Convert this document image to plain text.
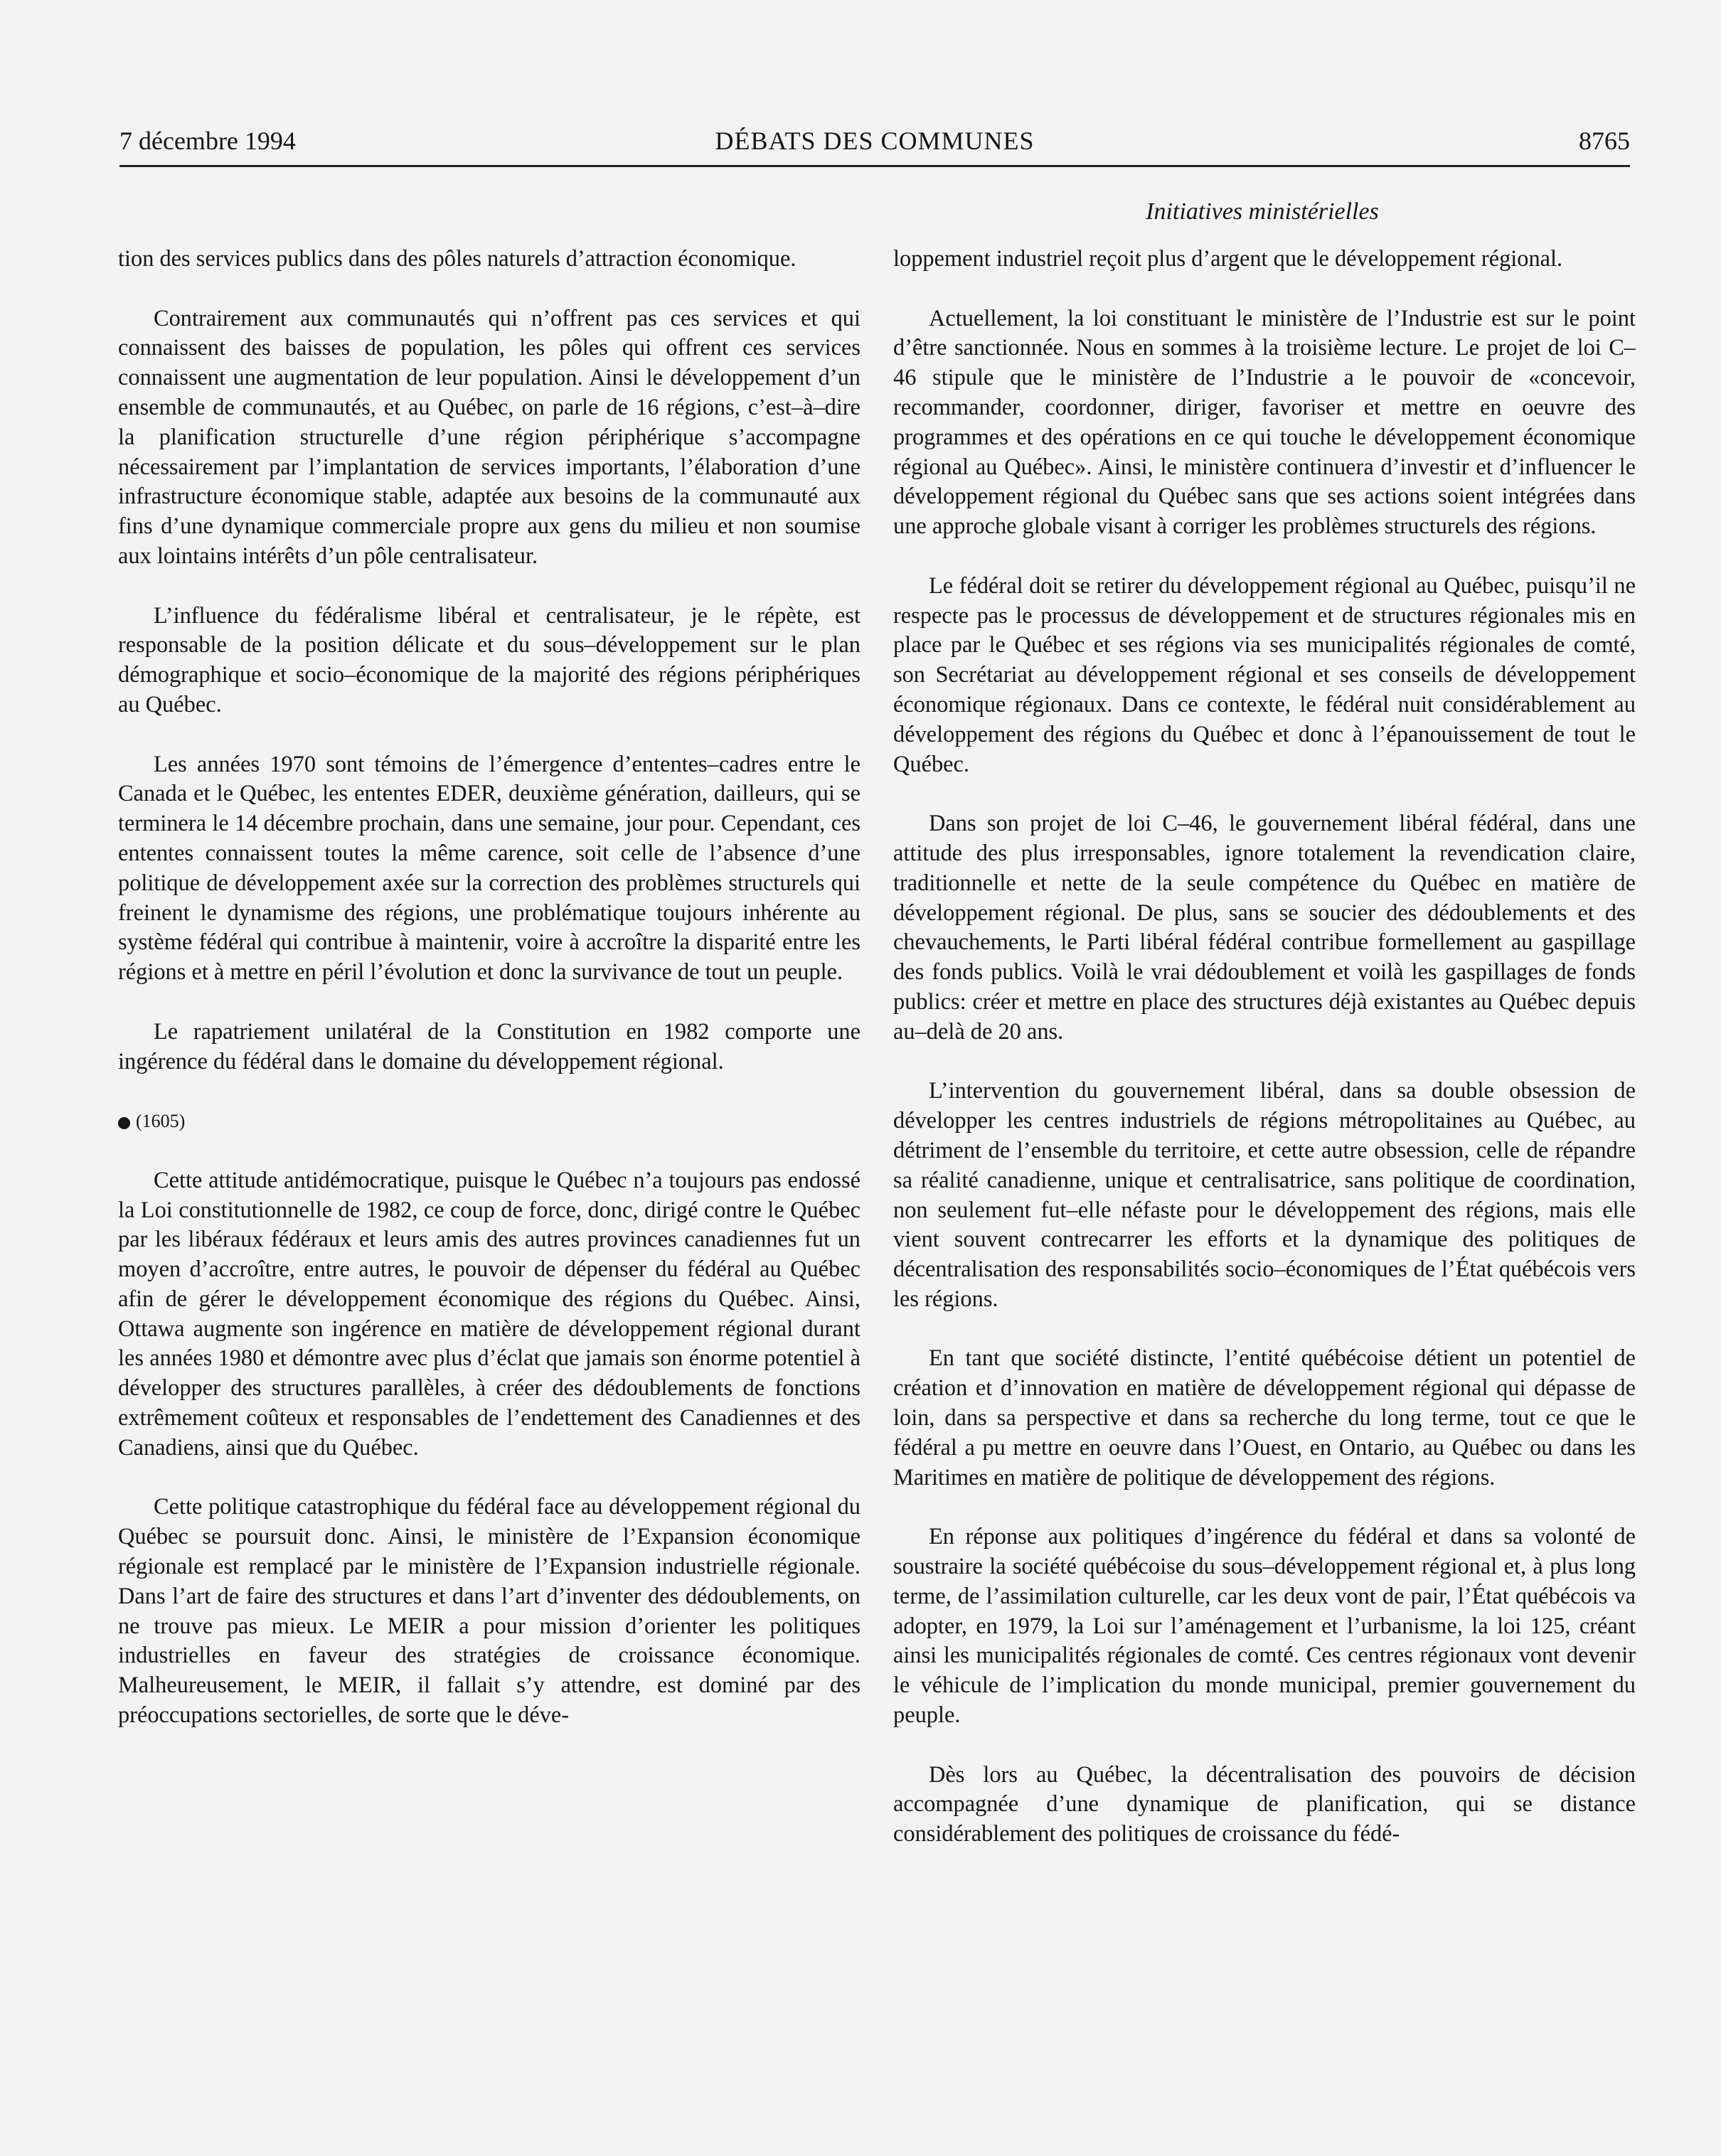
7 décembre 1994	DÉBATS DES COMMUNES	8765
Initiatives ministérielles

tion des services publics dans des pôles naturels d’attraction économique.

Contrairement aux communautés qui n’offrent pas ces services et qui connaissent des baisses de population, les pôles qui offrent ces services connaissent une augmentation de leur population. Ainsi le développement d’un ensemble de communautés, et au Québec, on parle de 16 régions, c’est–à–dire la planification structurelle d’une région périphérique s’accompagne nécessairement par l’implantation de services importants, l’élaboration d’une infrastructure économique stable, adaptée aux besoins de la communauté aux fins d’une dynamique commerciale propre aux gens du milieu et non soumise aux lointains intérêts d’un pôle centralisateur.

L’influence du fédéralisme libéral et centralisateur, je le répète, est responsable de la position délicate et du sous–développement sur le plan démographique et socio–économique de la majorité des régions périphériques au Québec.

Les années 1970 sont témoins de l’émergence d’ententes–cadres entre le Canada et le Québec, les ententes EDER, deuxième génération, dailleurs, qui se terminera le 14 décembre prochain, dans une semaine, jour pour. Cependant, ces ententes connaissent toutes la même carence, soit celle de l’absence d’une politique de développement axée sur la correction des problèmes structurels qui freinent le dynamisme des régions, une problématique toujours inhérente au système fédéral qui contribue à maintenir, voire à accroître la disparité entre les régions et à mettre en péril l’évolution et donc la survivance de tout un peuple.

Le rapatriement unilatéral de la Constitution en 1982 comporte une ingérence du fédéral dans le domaine du développement régional.

(1605)

Cette attitude antidémocratique, puisque le Québec n’a toujours pas endossé la Loi constitutionnelle de 1982, ce coup de force, donc, dirigé contre le Québec par les libéraux fédéraux et leurs amis des autres provinces canadiennes fut un moyen d’accroître, entre autres, le pouvoir de dépenser du fédéral au Québec afin de gérer le développement économique des régions du Québec. Ainsi, Ottawa augmente son ingérence en matière de développement régional durant les années 1980 et démontre avec plus d’éclat que jamais son énorme potentiel à développer des structures parallèles, à créer des dédoublements de fonctions extrêmement coûteux et responsables de l’endettement des Canadiennes et des Canadiens, ainsi que du Québec.

Cette politique catastrophique du fédéral face au développement régional du Québec se poursuit donc. Ainsi, le ministère de l’Expansion économique régionale est remplacé par le ministère de l’Expansion industrielle régionale. Dans l’art de faire des structures et dans l’art d’inventer des dédoublements, on ne trouve pas mieux. Le MEIR a pour mission d’orienter les politiques industrielles en faveur des stratégies de croissance économique. Malheureusement, le MEIR, il fallait s’y attendre, est dominé par des préoccupations sectorielles, de sorte que le déve-

loppement industriel reçoit plus d’argent que le développement régional.

Actuellement, la loi constituant le ministère de l’Industrie est sur le point d’être sanctionnée. Nous en sommes à la troisième lecture. Le projet de loi C–46 stipule que le ministère de l’Industrie a le pouvoir de «concevoir, recommander, coordonner, diriger, favoriser et mettre en oeuvre des programmes et des opérations en ce qui touche le développement économique régional au Québec». Ainsi, le ministère continuera d’investir et d’influencer le développement régional du Québec sans que ses actions soient intégrées dans une approche globale visant à corriger les problèmes structurels des régions.

Le fédéral doit se retirer du développement régional au Québec, puisqu’il ne respecte pas le processus de développement et de structures régionales mis en place par le Québec et ses régions via ses municipalités régionales de comté, son Secrétariat au développement régional et ses conseils de développement économique régionaux. Dans ce contexte, le fédéral nuit considérablement au développement des régions du Québec et donc à l’épanouissement de tout le Québec.

Dans son projet de loi C–46, le gouvernement libéral fédéral, dans une attitude des plus irresponsables, ignore totalement la revendication claire, traditionnelle et nette de la seule compétence du Québec en matière de développement régional. De plus, sans se soucier des dédoublements et des chevauchements, le Parti libéral fédéral contribue formellement au gaspillage des fonds publics. Voilà le vrai dédoublement et voilà les gaspillages de fonds publics: créer et mettre en place des structures déjà existantes au Québec depuis au–delà de 20 ans.

L’intervention du gouvernement libéral, dans sa double obsession de développer les centres industriels de régions métropolitaines au Québec, au détriment de l’ensemble du territoire, et cette autre obsession, celle de répandre sa réalité canadienne, unique et centralisatrice, sans politique de coordination, non seulement fut–elle néfaste pour le développement des régions, mais elle vient souvent contrecarrer les efforts et la dynamique des politiques de décentralisation des responsabilités socio–économiques de l’État québécois vers les régions.

En tant que société distincte, l’entité québécoise détient un potentiel de création et d’innovation en matière de développement régional qui dépasse de loin, dans sa perspective et dans sa recherche du long terme, tout ce que le fédéral a pu mettre en oeuvre dans l’Ouest, en Ontario, au Québec ou dans les Maritimes en matière de politique de développement des régions.

En réponse aux politiques d’ingérence du fédéral et dans sa volonté de soustraire la société québécoise du sous–développement régional et, à plus long terme, de l’assimilation culturelle, car les deux vont de pair, l’État québécois va adopter, en 1979, la Loi sur l’aménagement et l’urbanisme, la loi 125, créant ainsi les municipalités régionales de comté. Ces centres régionaux vont devenir le véhicule de l’implication du monde municipal, premier gouvernement du peuple.

Dès lors au Québec, la décentralisation des pouvoirs de décision accompagnée d’une dynamique de planification, qui se distance considérablement des politiques de croissance du fédé-
